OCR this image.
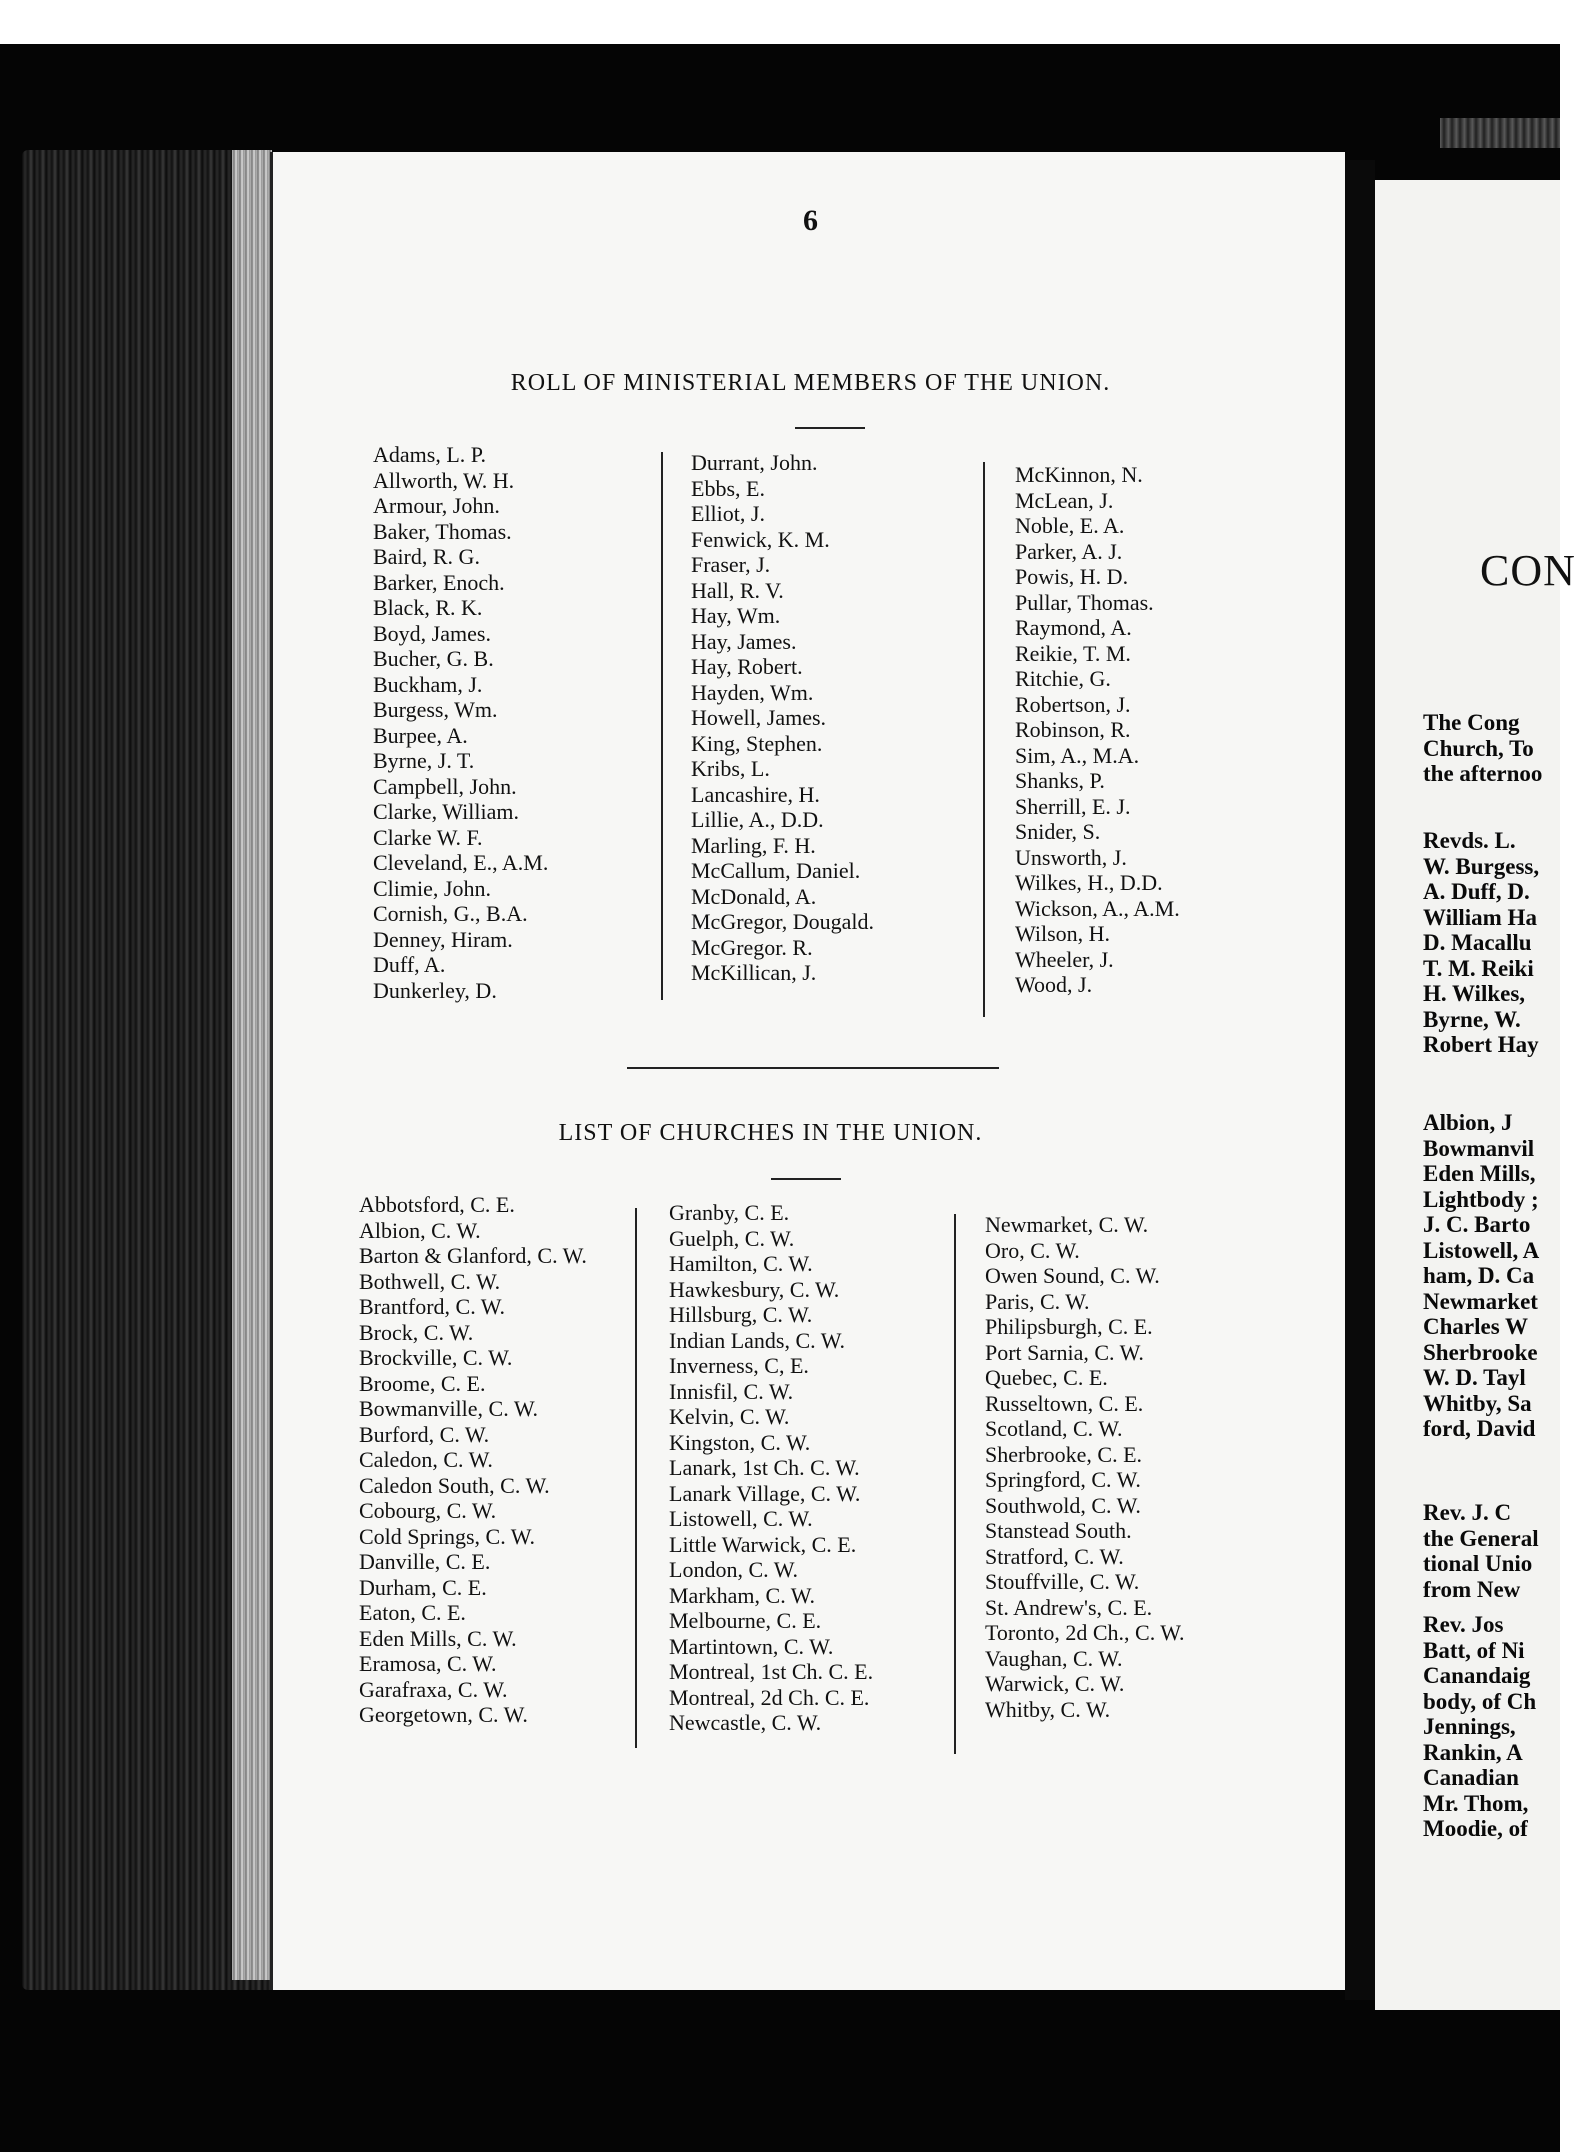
6
ROLL OF MINISTERIAL MEMBERS OF THE UNION.
Adams, L. P.
Allworth, W. H.
Armour, John.
Baker, Thomas.
Baird, R. G.
Barker, Enoch.
Black, R. K.
Boyd, James.
Bucher, G. B.
Buckham, J.
Burgess, Wm.
Burpee, A.
Byrne, J. T.
Campbell, John.
Clarke, William.
Clarke W. F.
Cleveland, E., A.M.
Climie, John.
Cornish, G., B.A.
Denney, Hiram.
Duff, A.
Dunkerley, D.
Durrant, John.
Ebbs, E.
Elliot, J.
Fenwick, K. M.
Fraser, J.
Hall, R. V.
Hay, Wm.
Hay, James.
Hay, Robert.
Hayden, Wm.
Howell, James.
King, Stephen.
Kribs, L.
Lancashire, H.
Lillie, A., D.D.
Marling, F. H.
McCallum, Daniel.
McDonald, A.
McGregor, Dougald.
McGregor. R.
McKillican, J.
McKinnon, N.
McLean, J.
Noble, E. A.
Parker, A. J.
Powis, H. D.
Pullar, Thomas.
Raymond, A.
Reikie, T. M.
Ritchie, G.
Robertson, J.
Robinson, R.
Sim, A., M.A.
Shanks, P.
Sherrill, E. J.
Snider, S.
Unsworth, J.
Wilkes, H., D.D.
Wickson, A., A.M.
Wilson, H.
Wheeler, J.
Wood, J.
LIST OF CHURCHES IN THE UNION.
Abbotsford, C. E.
Albion, C. W.
Barton & Glanford, C. W.
Bothwell, C. W.
Brantford, C. W.
Brock, C. W.
Brockville, C. W.
Broome, C. E.
Bowmanville, C. W.
Burford, C. W.
Caledon, C. W.
Caledon South, C. W.
Cobourg, C. W.
Cold Springs, C. W.
Danville, C. E.
Durham, C. E.
Eaton, C. E.
Eden Mills, C. W.
Eramosa, C. W.
Garafraxa, C. W.
Georgetown, C. W.
Granby, C. E.
Guelph, C. W.
Hamilton, C. W.
Hawkesbury, C. W.
Hillsburg, C. W.
Indian Lands, C. W.
Inverness, C, E.
Innisfil, C. W.
Kelvin, C. W.
Kingston, C. W.
Lanark, 1st Ch. C. W.
Lanark Village, C. W.
Listowell, C. W.
Little Warwick, C. E.
London, C. W.
Markham, C. W.
Melbourne, C. E.
Martintown, C. W.
Montreal, 1st Ch. C. E.
Montreal, 2d Ch. C. E.
Newcastle, C. W.
Newmarket, C. W.
Oro, C. W.
Owen Sound, C. W.
Paris, C. W.
Philipsburgh, C. E.
Port Sarnia, C. W.
Quebec, C. E.
Russeltown, C. E.
Scotland, C. W.
Sherbrooke, C. E.
Springford, C. W.
Southwold, C. W.
Stanstead South.
Stratford, C. W.
Stouffville, C. W.
St. Andrew's, C. E.
Toronto, 2d Ch., C. W.
Vaughan, C. W.
Warwick, C. W.
Whitby, C. W.
CON
The Cong
Church, To
the afternoo
Revds. L.
W. Burgess,
A. Duff, D.
William Ha
D. Macallu
T. M. Reiki
H. Wilkes,
Byrne, W.
Robert Hay
Albion, J
Bowmanvil
Eden Mills,
Lightbody ;
J. C. Barto
Listowell, A
ham, D. Ca
Newmarket
Charles W
Sherbrooke
W. D. Tayl
Whitby, Sa
ford, David
Rev. J. C
the General
tional Unio
from New
Rev. Jos
Batt, of Ni
Canandaig
body, of Ch
Jennings,
Rankin, A
Canadian
Mr. Thom,
Moodie, of
